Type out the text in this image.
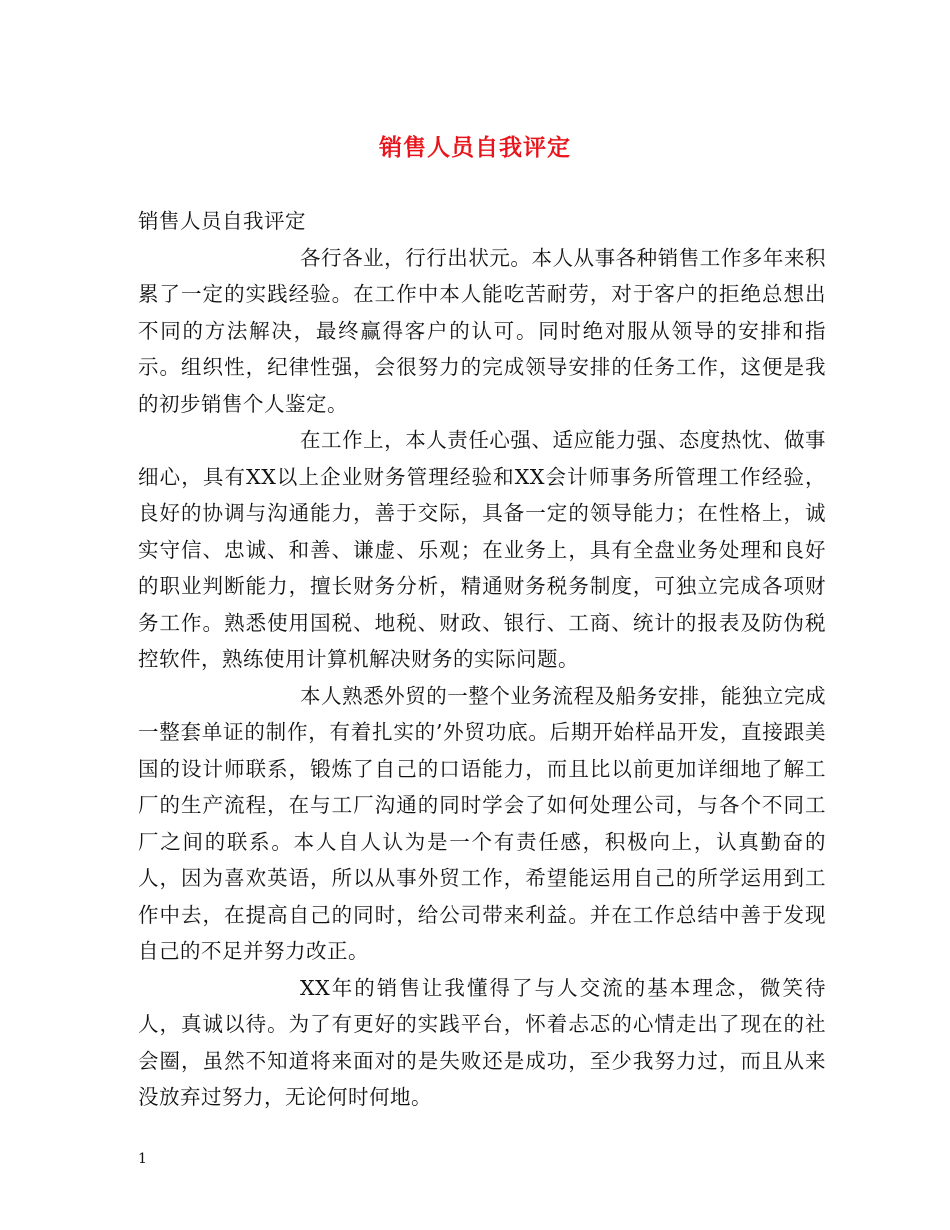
销售人员自我评定

销售人员自我评定

各行各业，行行出状元。本人从事各种销售工作多年来积累了一定的实践经验。在工作中本人能吃苦耐劳，对于客户的拒绝总想出不同的方法解决，最终赢得客户的认可。同时绝对服从领导的安排和指示。组织性，纪律性强，会很努力的完成领导安排的任务工作，这便是我的初步销售个人鉴定。

在工作上，本人责任心强、适应能力强、态度热忱、做事细心，具有XX以上企业财务管理经验和XX会计师事务所管理工作经验，良好的协调与沟通能力，善于交际，具备一定的领导能力；在性格上，诚实守信、忠诚、和善、谦虚、乐观；在业务上，具有全盘业务处理和良好的职业判断能力，擅长财务分析，精通财务税务制度，可独立完成各项财务工作。熟悉使用国税、地税、财政、银行、工商、统计的报表及防伪税控软件，熟练使用计算机解决财务的实际问题。

本人熟悉外贸的一整个业务流程及船务安排，能独立完成一整套单证的制作，有着扎实的’外贸功底。后期开始样品开发，直接跟美国的设计师联系，锻炼了自己的口语能力，而且比以前更加详细地了解工厂的生产流程，在与工厂沟通的同时学会了如何处理公司，与各个不同工厂之间的联系。本人自人认为是一个有责任感，积极向上，认真勤奋的人，因为喜欢英语，所以从事外贸工作，希望能运用自己的所学运用到工作中去，在提高自己的同时，给公司带来利益。并在工作总结中善于发现自己的不足并努力改正。

XX年的销售让我懂得了与人交流的基本理念，微笑待人，真诚以待。为了有更好的实践平台，怀着忐忑的心情走出了现在的社会圈，虽然不知道将来面对的是失败还是成功，至少我努力过，而且从来没放弃过努力，无论何时何地。

1
